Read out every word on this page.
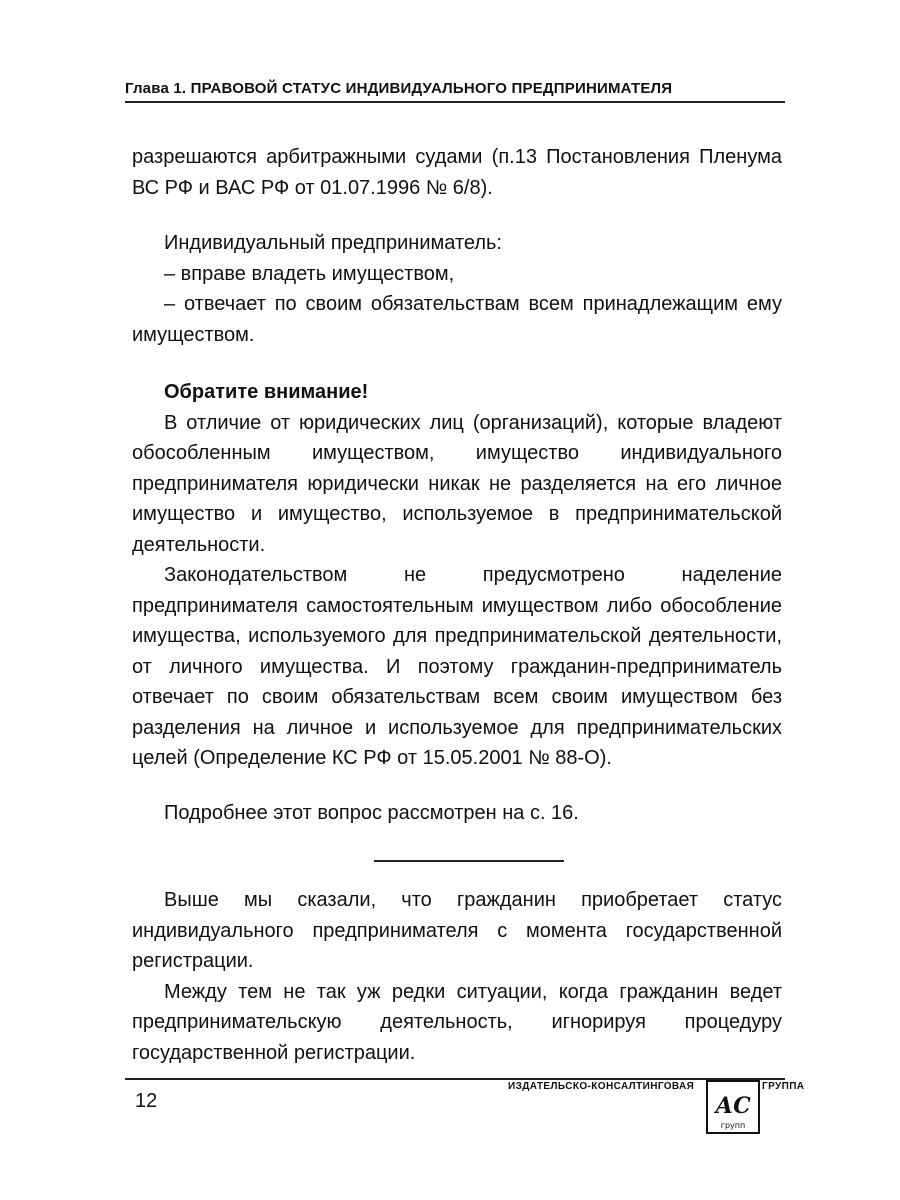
Глава 1. ПРАВОВОЙ СТАТУС ИНДИВИДУАЛЬНОГО ПРЕДПРИНИМАТЕЛЯ

разрешаются арбитражными судами (п.13 Постановления Пленума ВС РФ и ВАС РФ от 01.07.1996 № 6/8).

Индивидуальный предприниматель:

– вправе владеть имуществом,

– отвечает по своим обязательствам всем принадлежащим ему имуществом.

Обратите внимание!

В отличие от юридических лиц (организаций), которые владеют обособленным имуществом, имущество индивидуального предпринимателя юридически никак не разделяется на его личное имущество и имущество, используемое в предпринимательской деятельности.

Законодательством не предусмотрено наделение предпринимателя самостоятельным имуществом либо обособление имущества, используемого для предпринимательской деятельности, от личного имущества. И поэтому гражданин-предприниматель отвечает по своим обязательствам всем своим имуществом без разделения на личное и используемое для предпринимательских целей (Определение КС РФ от 15.05.2001 № 88-О).

Подробнее этот вопрос рассмотрен на с. 16.

Выше мы сказали, что гражданин приобретает статус индивидуального предпринимателя с момента государственной регистрации.

Между тем не так уж редки ситуации, когда гражданин ведет предпринимательскую деятельность, игнорируя процедуру государственной регистрации.

12
ИЗДАТЕЛЬСКО-КОНСАЛТИНГОВАЯ
АС
групп
ГРУППА
